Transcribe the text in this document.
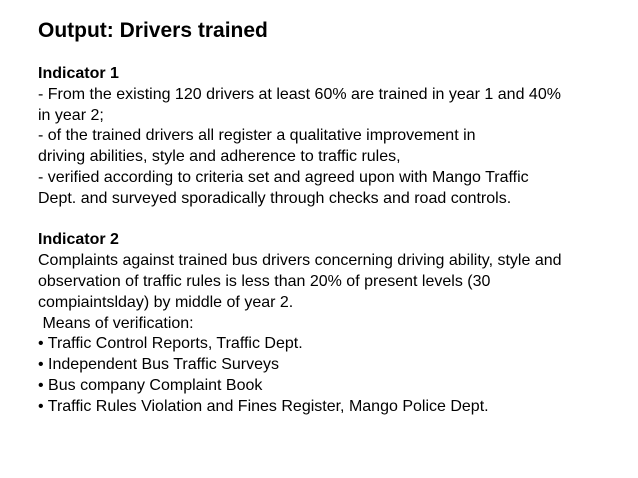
Output: Drivers trained
Indicator 1
- From the existing 120 drivers at least 60% are trained in year 1 and 40%
in year 2;
- of the trained drivers all register a qualitative improvement in
driving abilities, style and adherence to traffic rules,
- verified according to criteria set and agreed upon with Mango Traffic
Dept. and surveyed sporadically through checks and road controls.
Indicator 2
Complaints against trained bus drivers concerning driving ability, style and
observation of traffic rules is less than 20% of present levels (30
compiaintslday) by middle of year 2.
Means of verification:
• Traffic Control Reports, Traffic Dept.
• Independent Bus Traffic Surveys
• Bus company Complaint Book
• Traffic Rules Violation and Fines Register, Mango Police Dept.
